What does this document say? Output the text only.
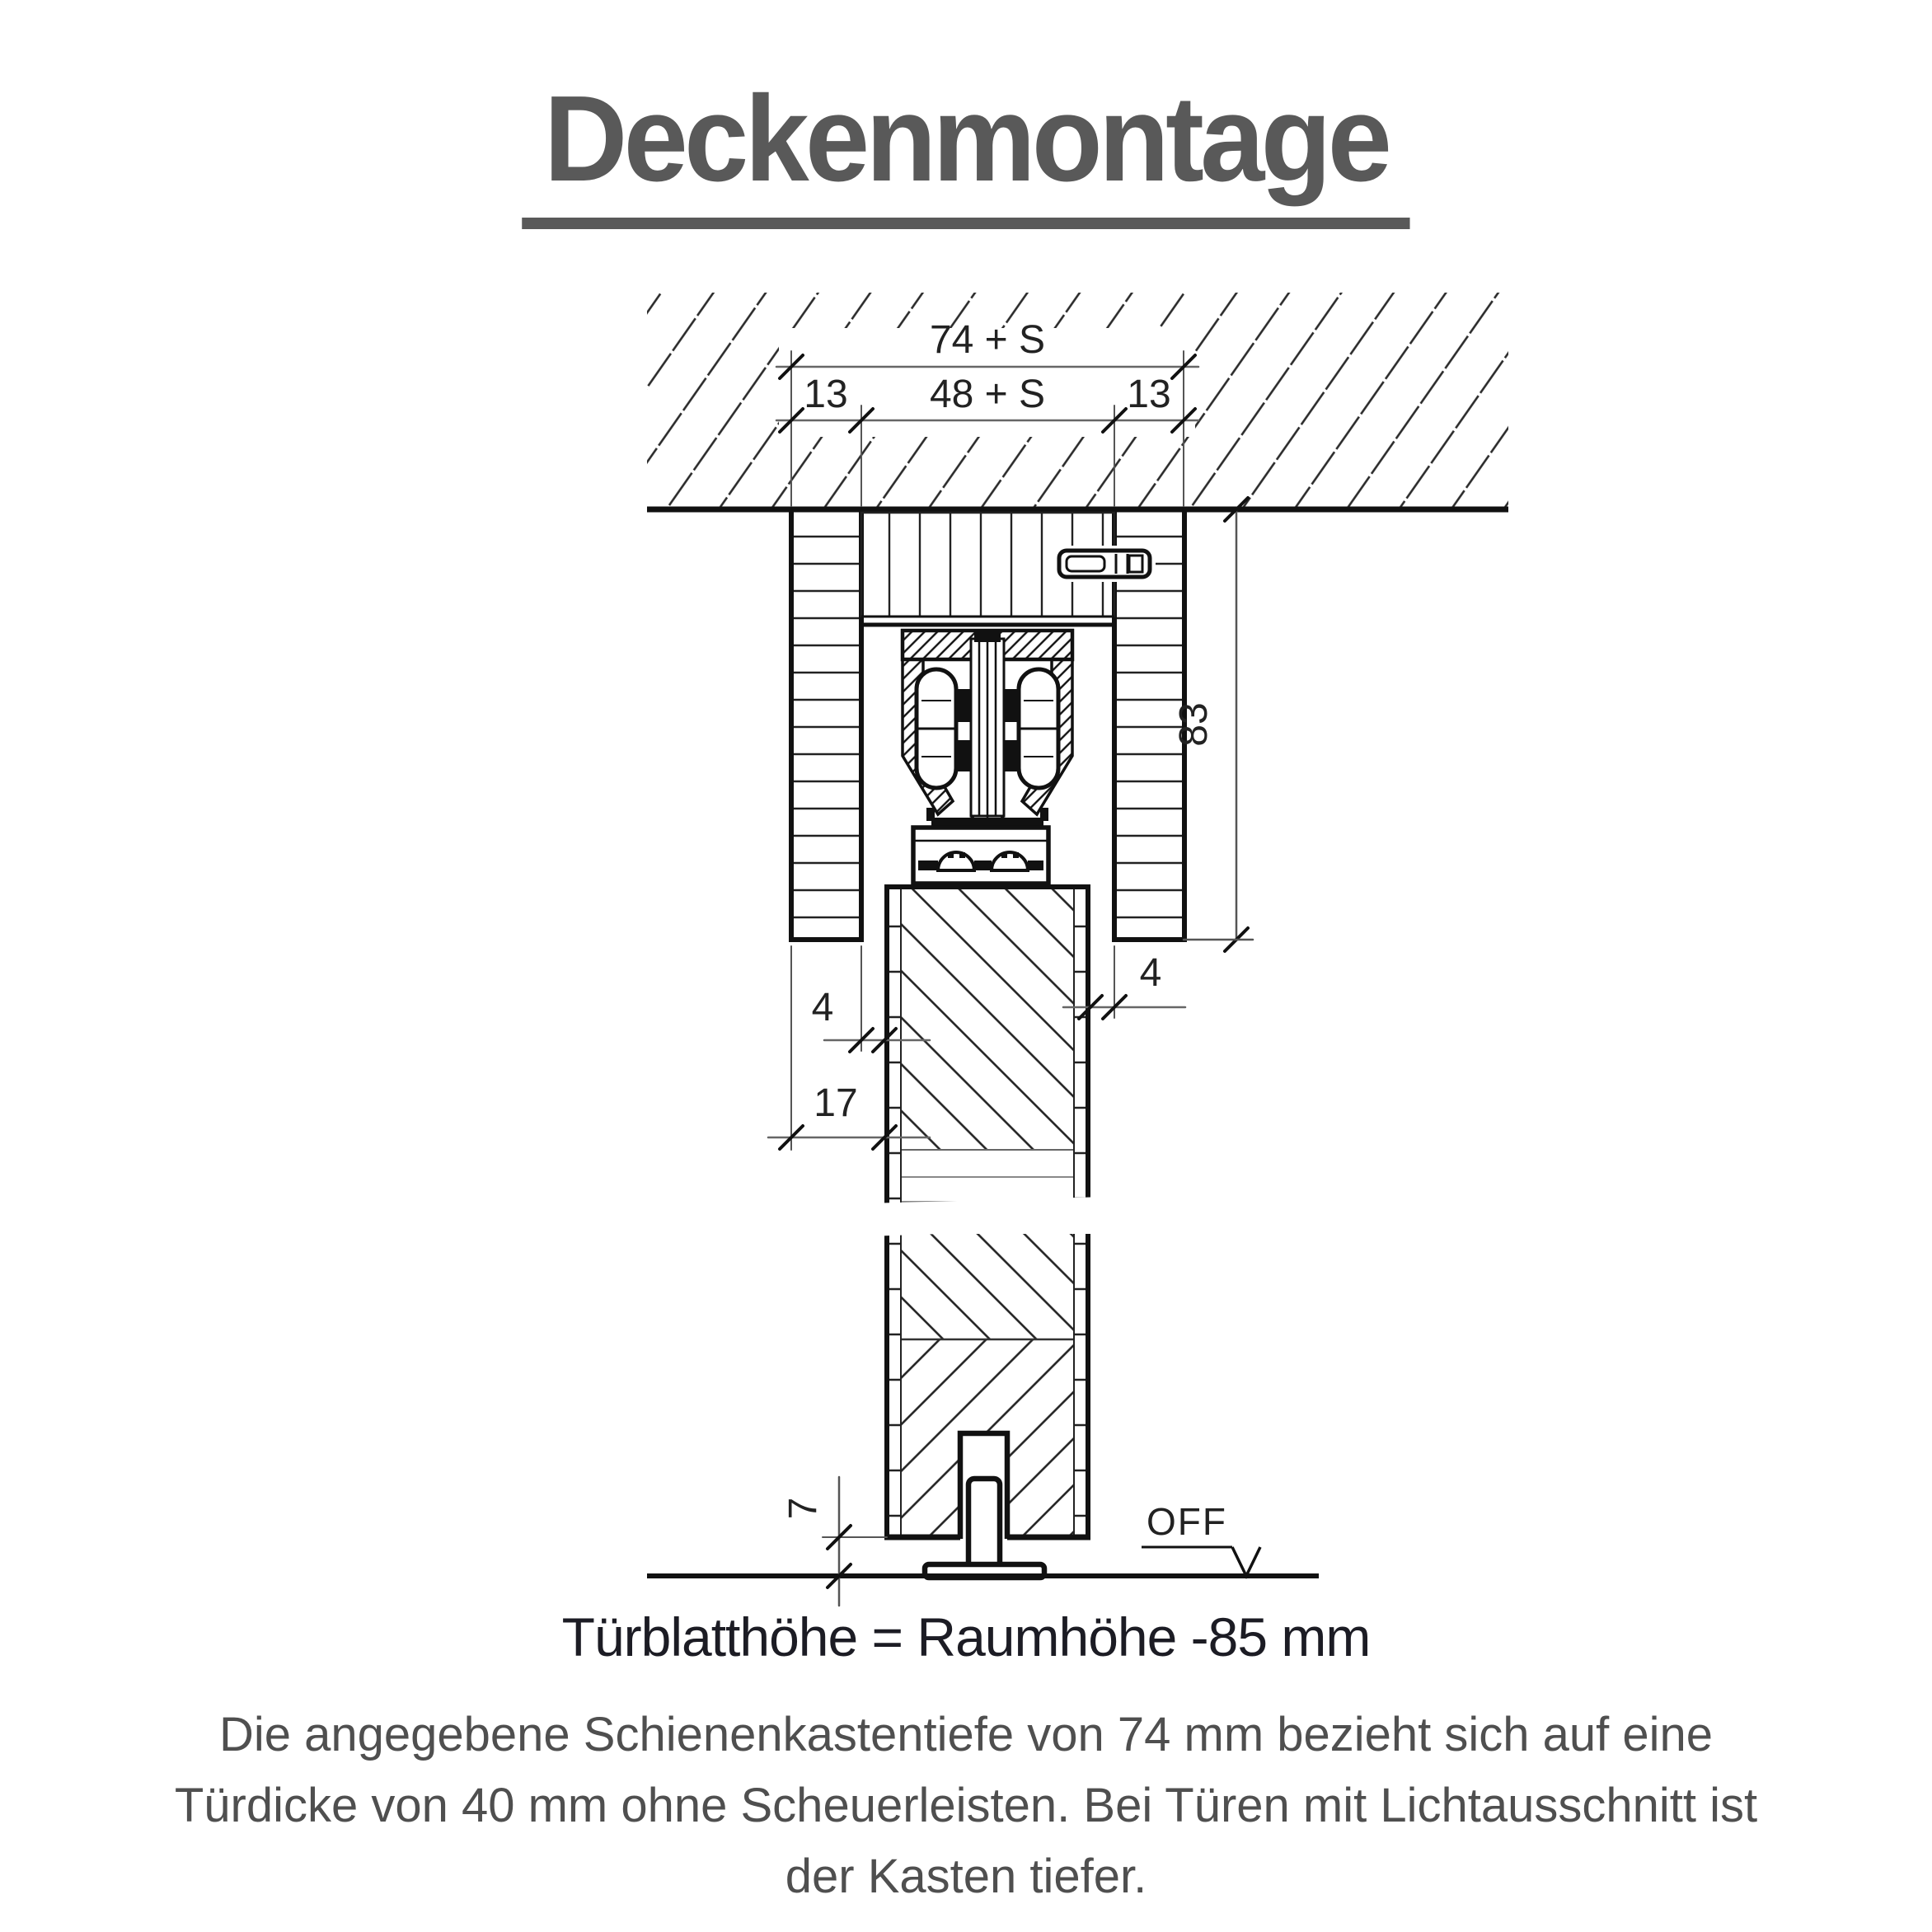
Deckenmontage
74 + S
13 48 + S 13
83
4
4
17
7	OFF
Türblatthöhe = Raumhöhe -85 mm
Die angegebene Schienenkastentiefe von 74 mm bezieht sich auf eine
Türdicke von 40 mm ohne Scheuerleisten. Bei Türen mit Lichtausschnitt ist
der Kasten tiefer.
